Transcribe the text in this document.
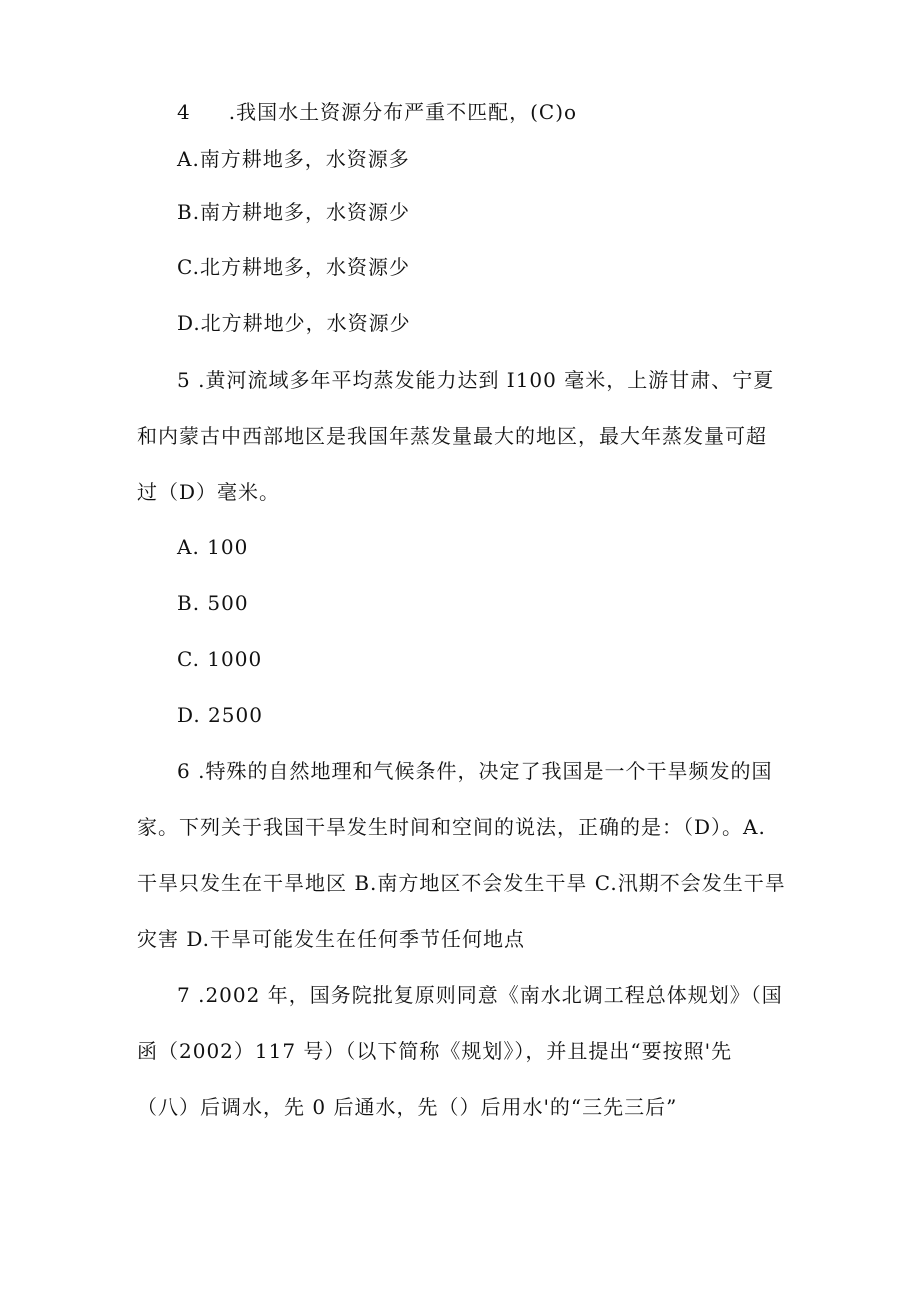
4 .我国水土资源分布严重不匹配，(C)o
A.南方耕地多，水资源多
B.南方耕地多，水资源少
C.北方耕地多，水资源少
D.北方耕地少，水资源少
5 .黄河流域多年平均蒸发能力达到 I100 毫米，上游甘肃、宁夏
和内蒙古中西部地区是我国年蒸发量最大的地区，最大年蒸发量可超
过（D）毫米。
A. 100
B. 500
C. 1000
D. 2500
6 .特殊的自然地理和气候条件，决定了我国是一个干旱频发的国
家。下列关于我国干旱发生时间和空间的说法，正确的是：（D）。A.
干旱只发生在干旱地区 B.南方地区不会发生干旱 C.汛期不会发生干旱
灾害 D.干旱可能发生在任何季节任何地点
7 .2002 年，国务院批复原则同意《南水北调工程总体规划》（国
函（2002）117 号）（以下简称《规划》），并且提出“要按照'先
（八）后调水，先 0 后通水，先（）后用水'的“三先三后”
